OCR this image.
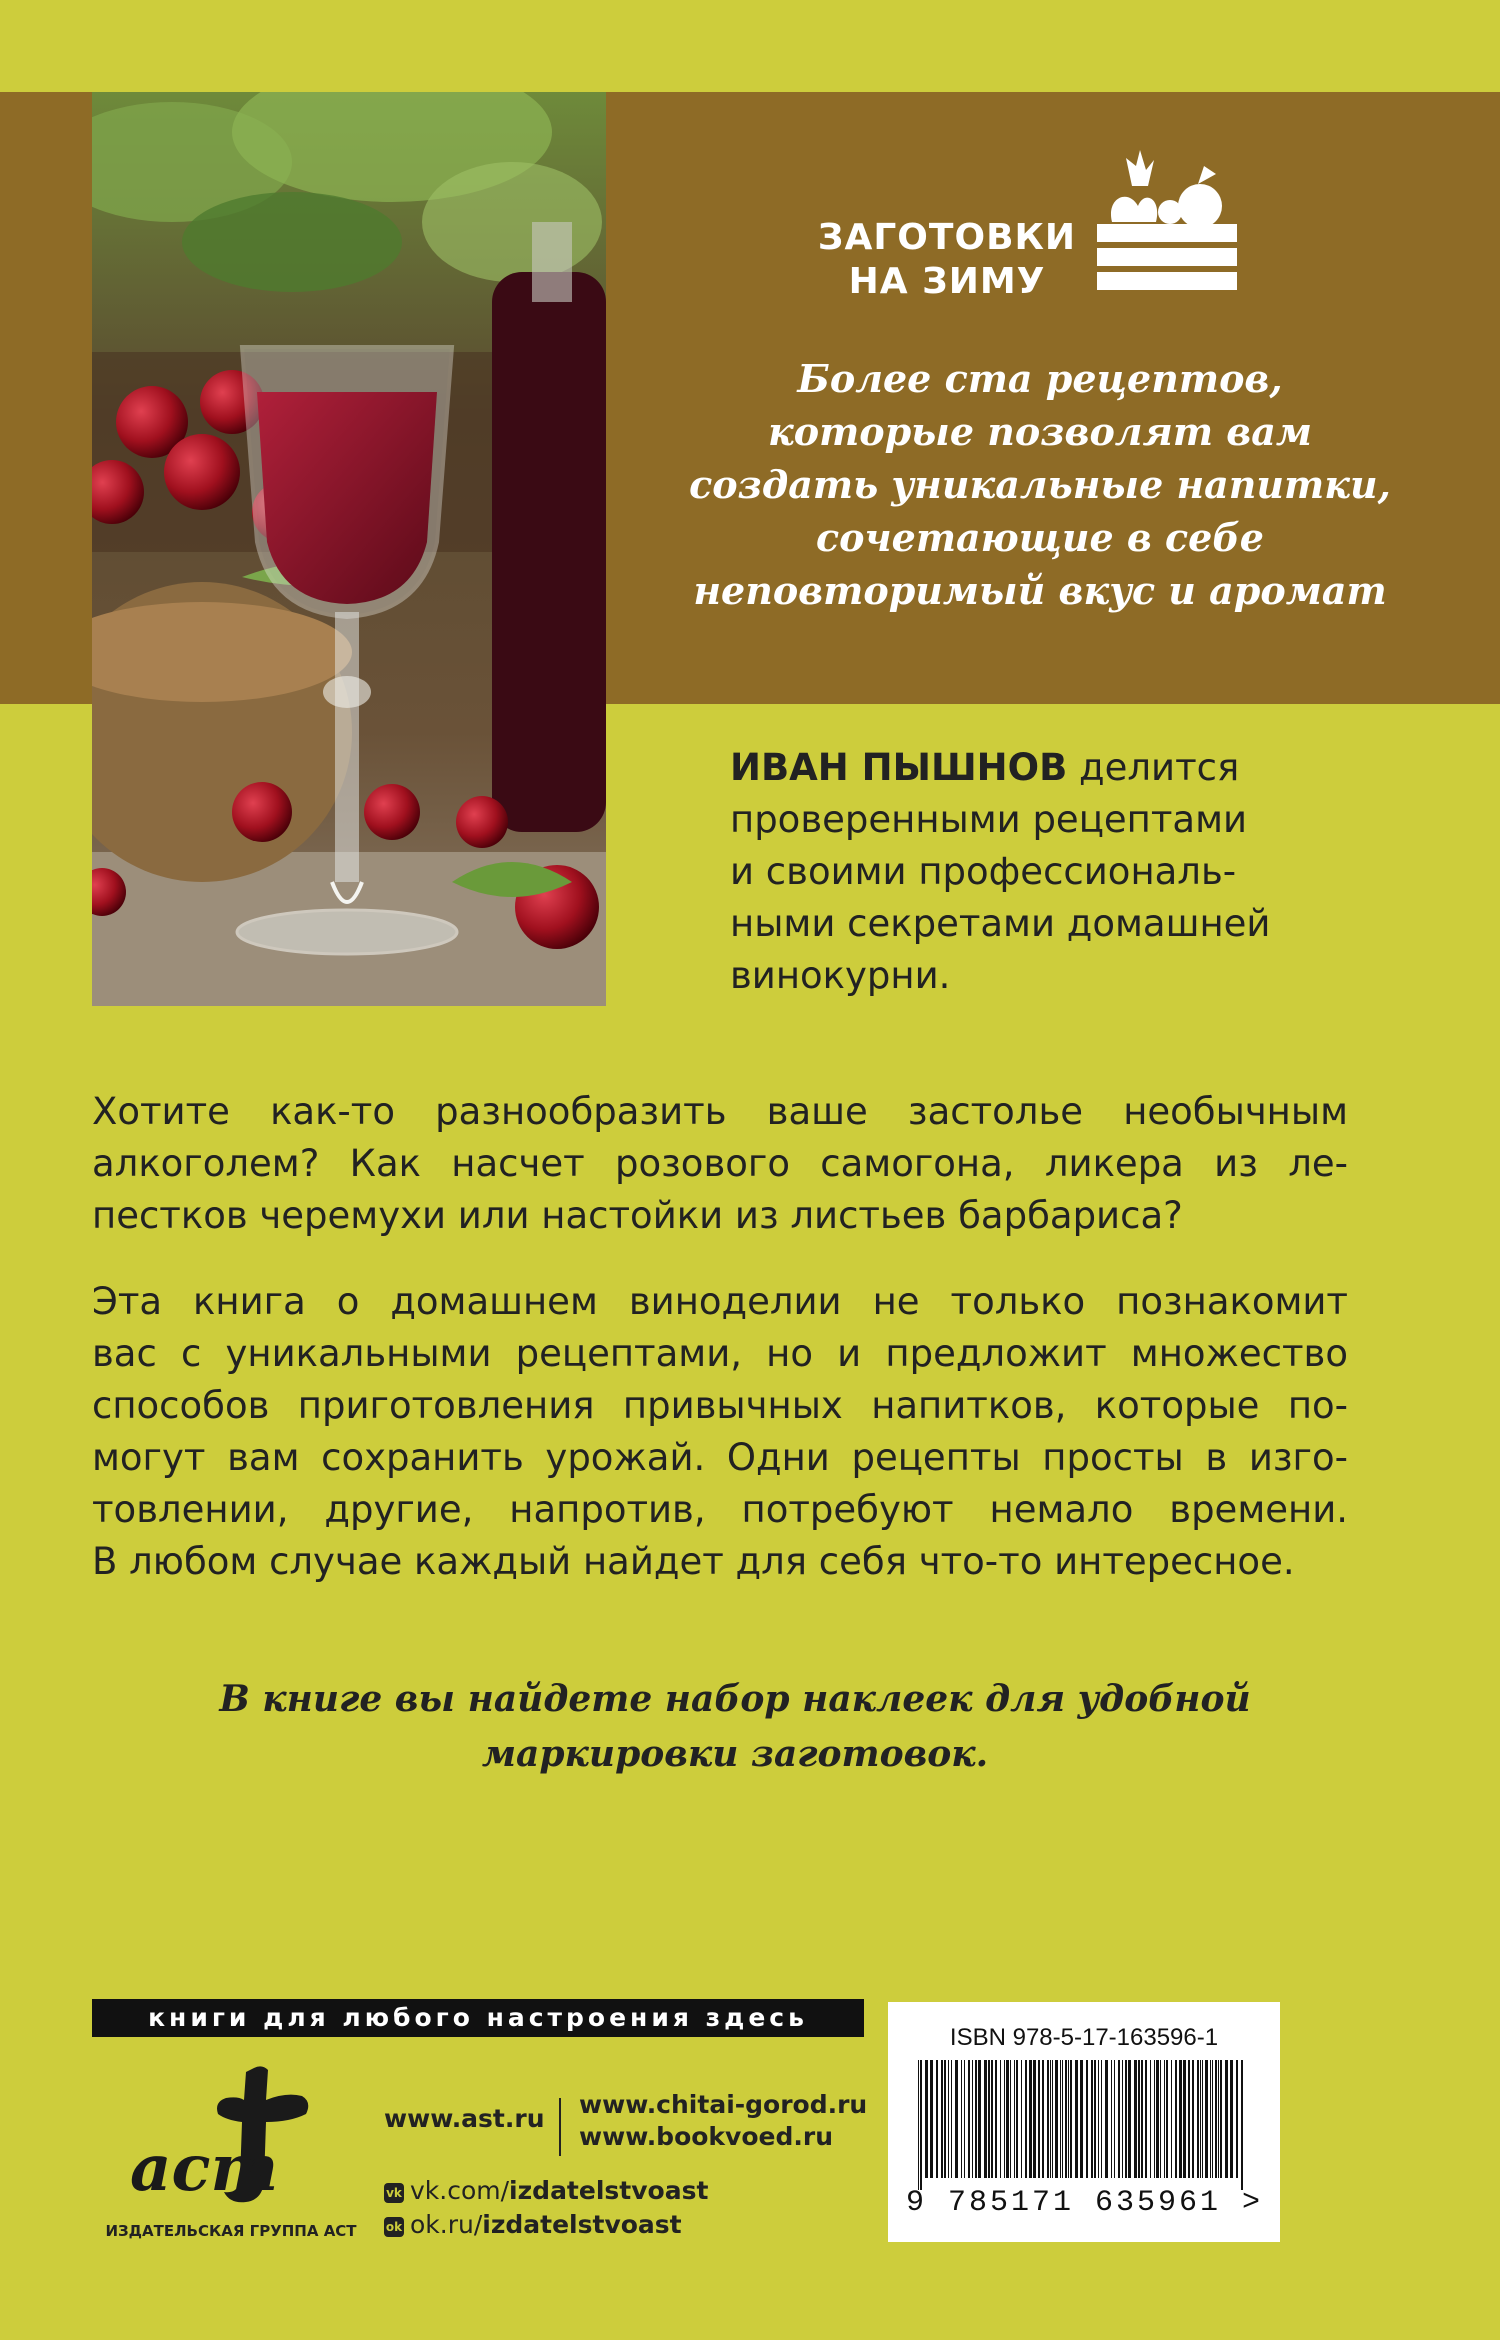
ЗАГОТОВКИ
НА ЗИМУ
Более ста рецептов,
которые позволят вам
создать уникальные напитки,
сочетающие в себе
неповторимый вкус и аромат
ИВАН ПЫШНОВ делится
проверенными рецептами
и своими профессиональ-
ными секретами домашней
винокурни.
Хотите как-то разнообразить ваше застолье необычным
алкоголем? Как насчет розового самогона, ликера из ле-
пестков черемухи или настойки из листьев барбариса?
Эта книга о домашнем виноделии не только познакомит
вас с уникальными рецептами, но и предложит множество
способов приготовления привычных напитков, которые по-
могут вам сохранить урожай. Одни рецепты просты в изго-
товлении, другие, напротив, потребуют немало времени.
В любом случае каждый найдет для себя что-то интересное.
В книге вы найдете набор наклеек для удобной
маркировки заготовок.
книги для любого настроения здесь
аст
ИЗДАТЕЛЬСКАЯ ГРУППА АСТ
www.ast.ru www.chitai-gorod.ru
www.bookvoed.ru
vk vk.com/izdatelstvoast
ok ok.ru/izdatelstvoast
ISBN 978-5-17-163596-1
9 785171 635961 >
